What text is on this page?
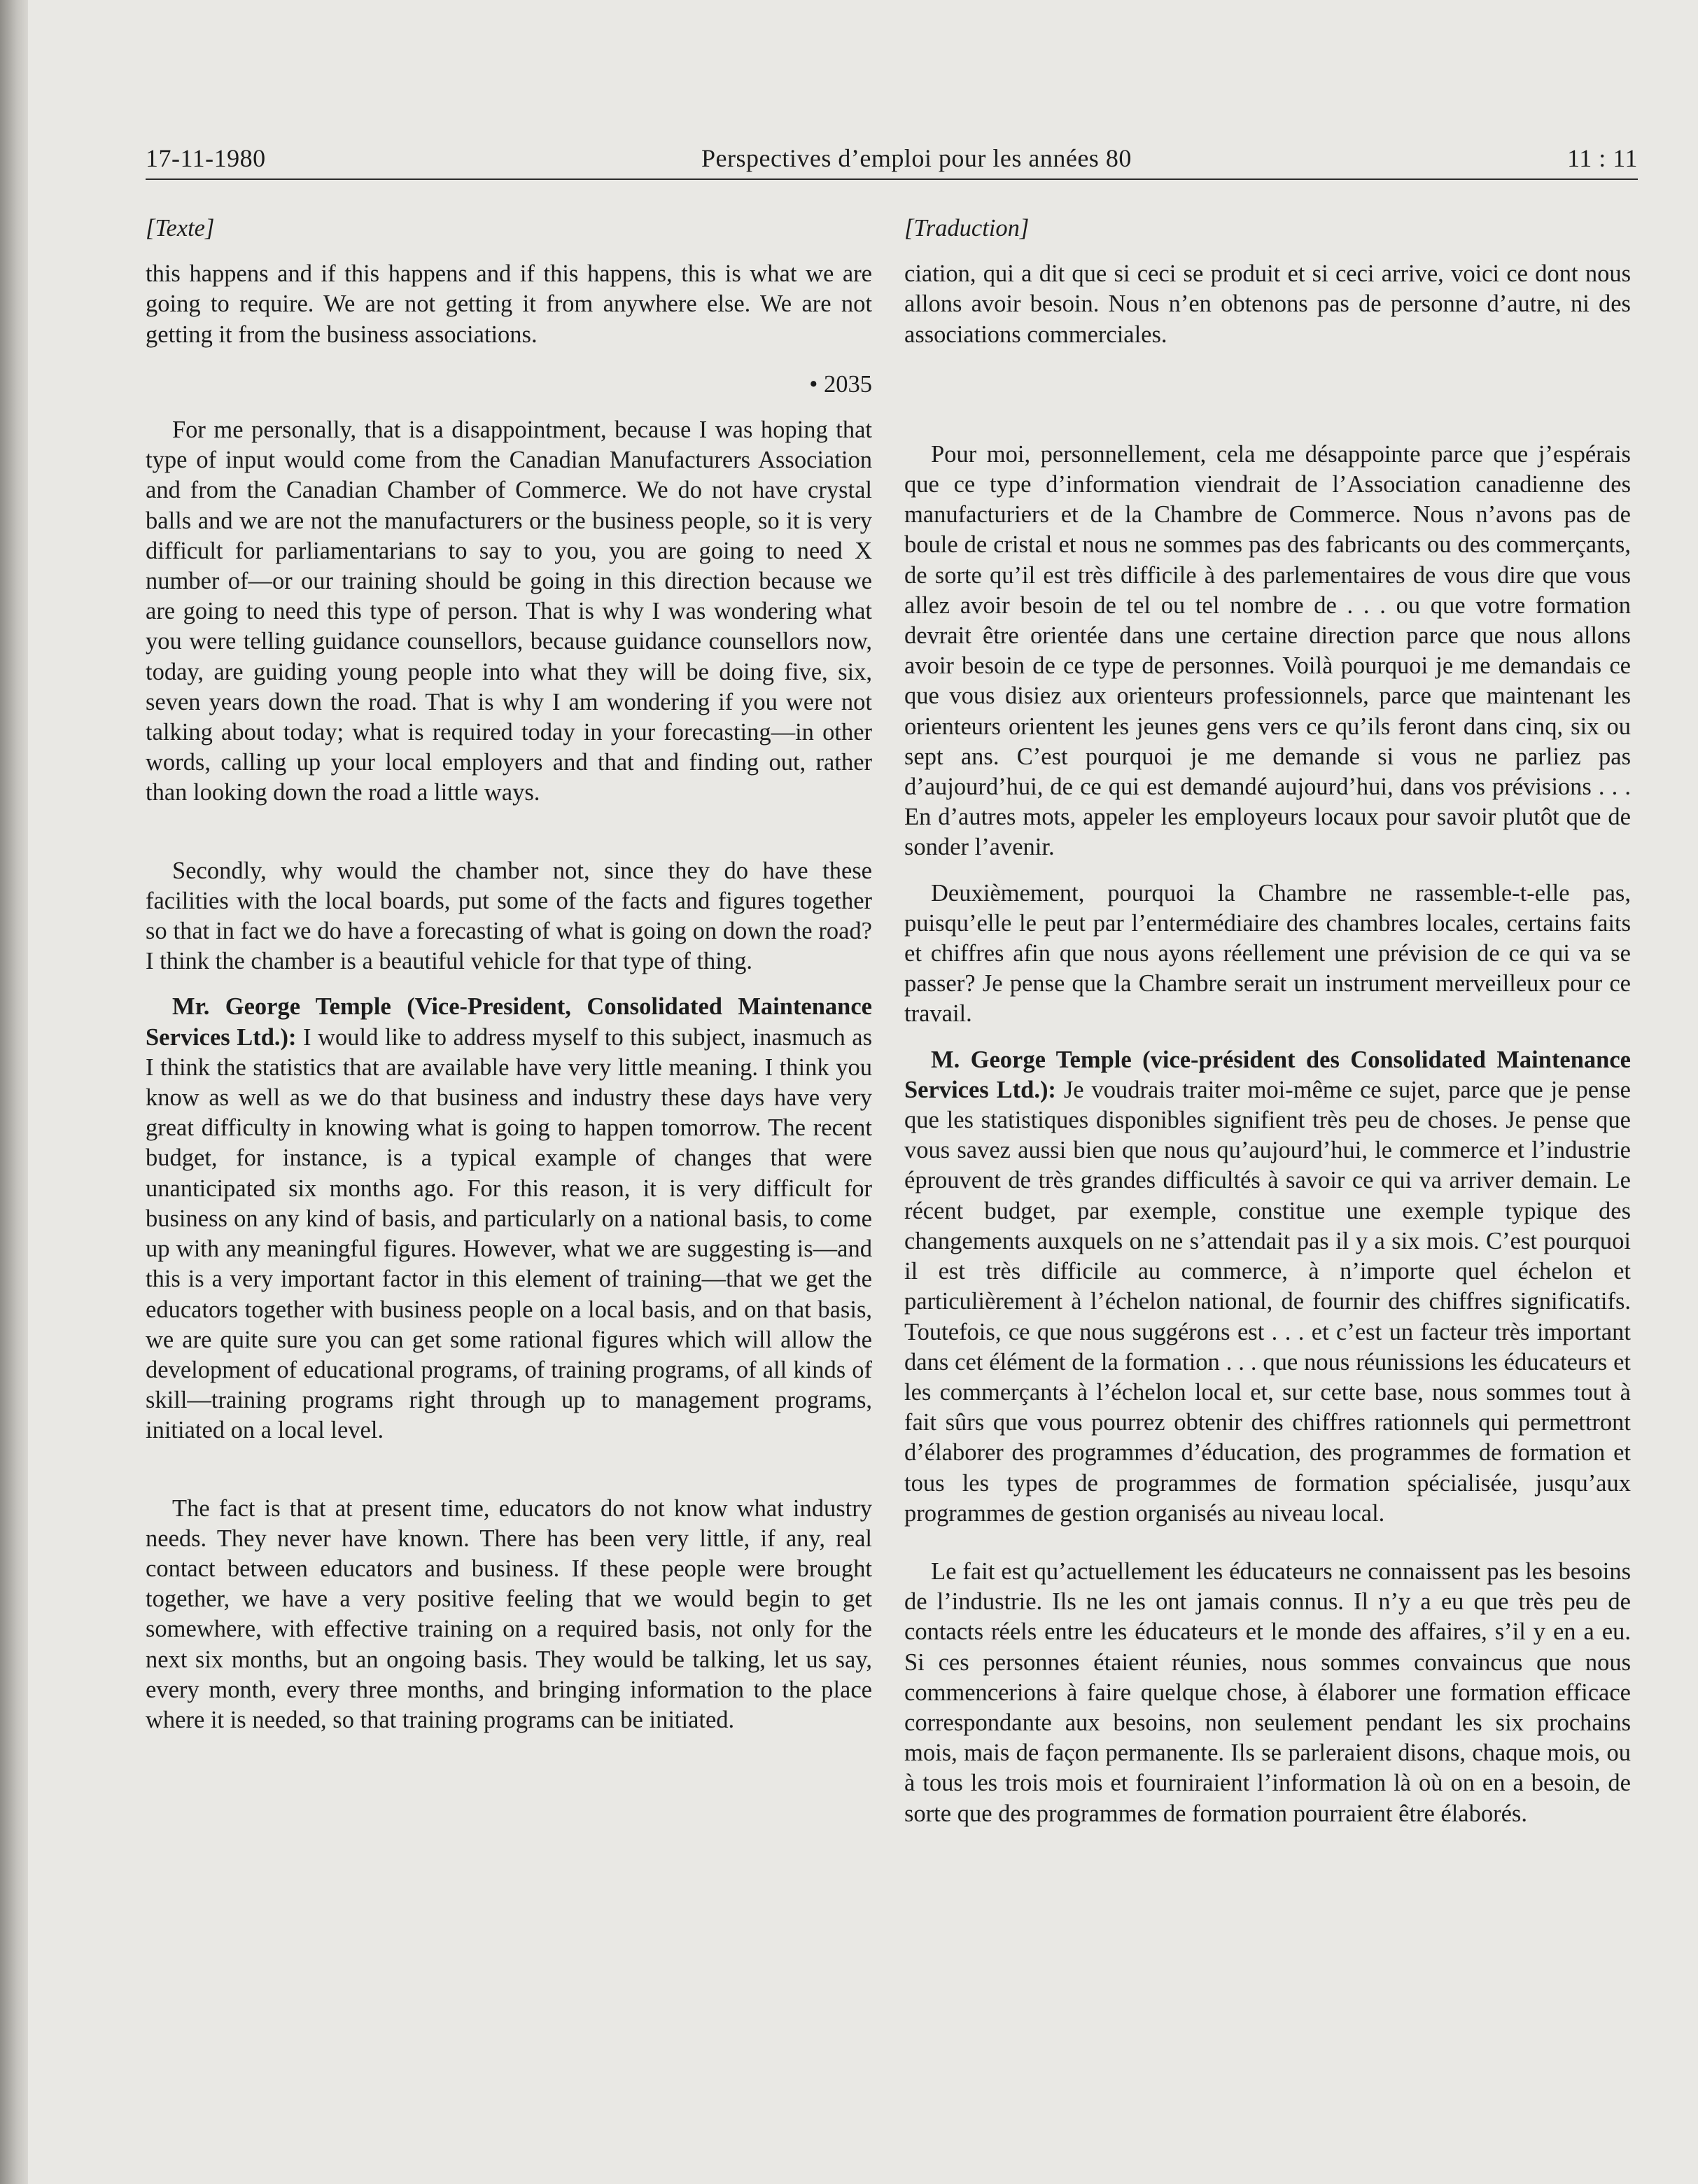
17-11-1980	Perspectives d’emploi pour les années 80	11 : 11

[Texte]

this happens and if this happens and if this happens, this is what we are going to require. We are not getting it from anywhere else. We are not getting it from the business associations.

• 2035

For me personally, that is a disappointment, because I was hoping that type of input would come from the Canadian Manufacturers Association and from the Canadian Chamber of Commerce. We do not have crystal balls and we are not the manufacturers or the business people, so it is very difficult for parliamentarians to say to you, you are going to need X number of—or our training should be going in this direction because we are going to need this type of person. That is why I was wondering what you were telling guidance counsellors, because guidance counsellors now, today, are guiding young people into what they will be doing five, six, seven years down the road. That is why I am wondering if you were not talking about today; what is required today in your forecasting—in other words, calling up your local employers and that and finding out, rather than looking down the road a little ways.

Secondly, why would the chamber not, since they do have these facilities with the local boards, put some of the facts and figures together so that in fact we do have a forecasting of what is going on down the road? I think the chamber is a beautiful vehicle for that type of thing.

Mr. George Temple (Vice-President, Consolidated Maintenance Services Ltd.): I would like to address myself to this subject, inasmuch as I think the statistics that are available have very little meaning. I think you know as well as we do that business and industry these days have very great difficulty in knowing what is going to happen tomorrow. The recent budget, for instance, is a typical example of changes that were unanticipated six months ago. For this reason, it is very difficult for business on any kind of basis, and particularly on a national basis, to come up with any meaningful figures. However, what we are suggesting is—and this is a very important factor in this element of training—that we get the educators together with business people on a local basis, and on that basis, we are quite sure you can get some rational figures which will allow the development of educational programs, of training programs, of all kinds of skill—training programs right through up to management programs, initiated on a local level.

The fact is that at present time, educators do not know what industry needs. They never have known. There has been very little, if any, real contact between educators and business. If these people were brought together, we have a very positive feeling that we would begin to get somewhere, with effective training on a required basis, not only for the next six months, but an ongoing basis. They would be talking, let us say, every month, every three months, and bringing information to the place where it is needed, so that training programs can be initiated.

[Traduction]

ciation, qui a dit que si ceci se produit et si ceci arrive, voici ce dont nous allons avoir besoin. Nous n’en obtenons pas de personne d’autre, ni des associations commerciales.

Pour moi, personnellement, cela me désappointe parce que j’espérais que ce type d’information viendrait de l’Association canadienne des manufacturiers et de la Chambre de Commerce. Nous n’avons pas de boule de cristal et nous ne sommes pas des fabricants ou des commerçants, de sorte qu’il est très difficile à des parlementaires de vous dire que vous allez avoir besoin de tel ou tel nombre de . . . ou que votre formation devrait être orientée dans une certaine direction parce que nous allons avoir besoin de ce type de personnes. Voilà pourquoi je me demandais ce que vous disiez aux orienteurs professionnels, parce que maintenant les orienteurs orientent les jeunes gens vers ce qu’ils feront dans cinq, six ou sept ans. C’est pourquoi je me demande si vous ne parliez pas d’aujourd’hui, de ce qui est demandé aujourd’hui, dans vos prévisions . . . En d’autres mots, appeler les employeurs locaux pour savoir plutôt que de sonder l’avenir.

Deuxièmement, pourquoi la Chambre ne rassemble-t-elle pas, puisqu’elle le peut par l’entermédiaire des chambres locales, certains faits et chiffres afin que nous ayons réellement une prévision de ce qui va se passer? Je pense que la Chambre serait un instrument merveilleux pour ce travail.

M. George Temple (vice-président des Consolidated Maintenance Services Ltd.): Je voudrais traiter moi-même ce sujet, parce que je pense que les statistiques disponibles signifient très peu de choses. Je pense que vous savez aussi bien que nous qu’aujourd’hui, le commerce et l’industrie éprouvent de très grandes difficultés à savoir ce qui va arriver demain. Le récent budget, par exemple, constitue une exemple typique des changements auxquels on ne s’attendait pas il y a six mois. C’est pourquoi il est très difficile au commerce, à n’importe quel échelon et particulièrement à l’échelon national, de fournir des chiffres significatifs. Toutefois, ce que nous suggérons est . . . et c’est un facteur très important dans cet élément de la formation . . . que nous réunissions les éducateurs et les commerçants à l’échelon local et, sur cette base, nous sommes tout à fait sûrs que vous pourrez obtenir des chiffres rationnels qui permettront d’élaborer des programmes d’éducation, des programmes de formation et tous les types de programmes de formation spécialisée, jusqu’aux programmes de gestion organisés au niveau local.

Le fait est qu’actuellement les éducateurs ne connaissent pas les besoins de l’industrie. Ils ne les ont jamais connus. Il n’y a eu que très peu de contacts réels entre les éducateurs et le monde des affaires, s’il y en a eu. Si ces personnes étaient réunies, nous sommes convaincus que nous commencerions à faire quelque chose, à élaborer une formation efficace correspondante aux besoins, non seulement pendant les six prochains mois, mais de façon permanente. Ils se parleraient disons, chaque mois, ou à tous les trois mois et fourniraient l’information là où on en a besoin, de sorte que des programmes de formation pourraient être élaborés.
